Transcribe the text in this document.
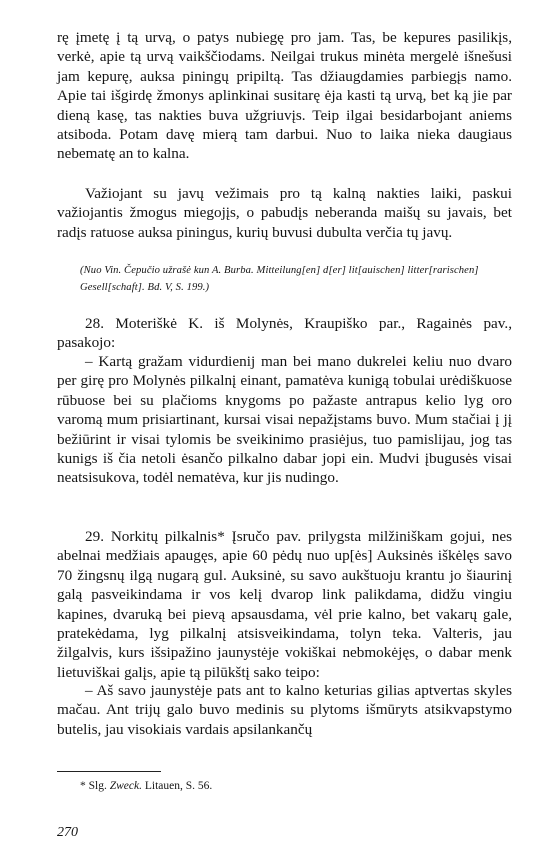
rę įmetę į tą urvą, o patys nubiegę pro jam. Tas, be kepures pasilikįs, verkė, apie tą urvą vaikščiodams. Neilgai trukus minėta mergelė išnešusi jam kepurę, auksa piningų pripiltą. Tas džiaugdamies parbiegįs namo. Apie tai išgirdę žmonys aplinkinai susitarę ėja kasti tą urvą, bet ką jie par dieną kasę, tas nakties buva užgriuvįs. Teip ilgai besidarbojant aniems atsiboda. Potam davę mierą tam darbui. Nuo to laika nieka daugiaus nebematę an to kalna.
Važiojant su javų vežimais pro tą kalną nakties laiki, paskui važiojantis žmogus miegojįs, o pabudįs neberanda maišų su javais, bet radįs ratuose auksa piningus, kurių buvusi dubulta verčia tų javų.
(Nuo Vin. Čepučio užrašė kun A. Burba. Mitteilung[en] d[er] lit[auischen] litter[rarischen] Gesell[schaft]. Bd. V, S. 199.)
28. Moteriškė K. iš Molynės, Kraupiško par., Ragainės pav., pasakojo:
– Kartą gražam vidurdienij man bei mano dukrelei keliu nuo dvaro per girę pro Molynės pilkalnį einant, pamatėva kunigą tobulai urėdiškuose rūbuose bei su plačioms knygoms po pažaste antrapus kelio lyg oro varomą mum prisiartinant, kursai visai nepažįstams buvo. Mum stačiai į jį bežiūrint ir visai tylomis be sveikinimo prasiėjus, tuo pamislijau, jog tas kunigs iš čia netoli ėsančo pilkalno dabar jopi ein. Mudvi įbugusės visai neatsisukova, todėl nematėva, kur jis nudingo.
29. Norkitų pilkalnis* Įsručo pav. prilygsta milžiniškam gojui, nes abelnai medžiais apaugęs, apie 60 pėdų nuo up[ės] Auksinės iškėlęs savo 70 žingsnų ilgą nugarą gul. Auksinė, su savo aukštuoju krantu jo šiaurinį galą pasveikindama ir vos kelį dvarop link palikdama, didžu vingiu kapines, dvaruką bei pievą apsausdama, vėl prie kalno, bet vakarų gale, pratekėdama, lyg pilkalnį atsisveikindama, tolyn teka. Valteris, jau žilgalvis, kurs išsipažino jaunystėje vokiškai nebmokėjęs, o dabar menk lietuviškai galįs, apie tą pilūkštį sako teipo:
– Aš savo jaunystėje pats ant to kalno keturias gilias aptvertas skyles mačau. Ant trijų galo buvo medinis su plytoms išmūryts atsikvapstymo butelis, jau visokiais vardais apsilankančų
* Slg. Zweck. Litauen, S. 56.
270
